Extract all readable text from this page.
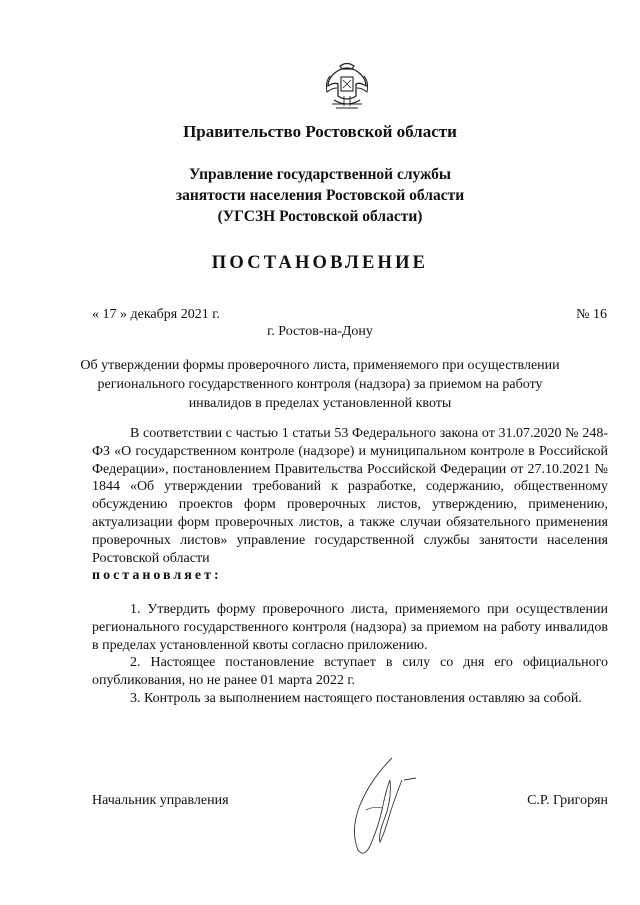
Правительство Ростовской области
Управление государственной службы
занятости населения Ростовской области
(УГСЗН Ростовской области)
ПОСТАНОВЛЕНИЕ
« 17 » декабря 2021 г.	№ 16
г. Ростов-на-Дону
Об утверждении формы проверочного листа, применяемого при осуществлении
регионального государственного контроля (надзора) за приемом на работу
инвалидов в пределах установленной квоты

В соответствии с частью 1 статьи 53 Федерального закона от 31.07.2020 № 248-ФЗ «О государственном контроле (надзоре) и муниципальном контроле в Российской Федерации», постановлением Правительства Российской Федерации от 27.10.2021 № 1844 «Об утверждении требований к разработке, содержанию, общественному обсуждению проектов форм проверочных листов, утверждению, применению, актуализации форм проверочных листов, а также случаи обязательного применения проверочных листов» управление государственной службы занятости населения Ростовской области

постановляет:

1. Утвердить форму проверочного листа, применяемого при осуществлении регионального государственного контроля (надзора) за приемом на работу инвалидов в пределах установленной квоты согласно приложению.

2. Настоящее постановление вступает в силу со дня его официального опубликования, но не ранее 01 марта 2022 г.

3. Контроль за выполнением настоящего постановления оставляю за собой.

Начальник управления	С.Р. Григорян
